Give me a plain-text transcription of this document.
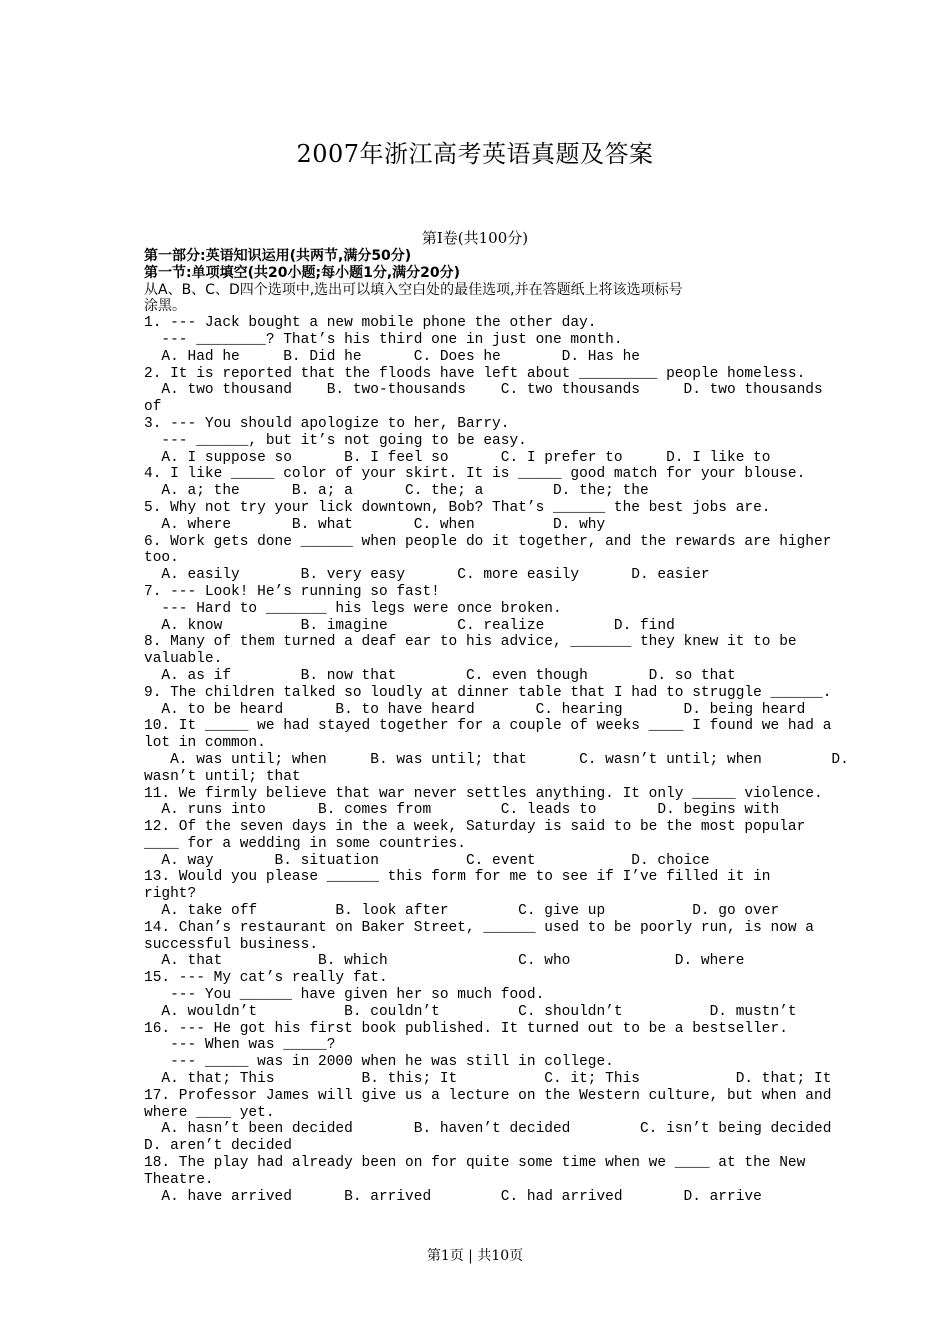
2007年浙江高考英语真题及答案
第Ⅰ卷(共100分)
第一部分:英语知识运用(共两节,满分50分)
第一节:单项填空(共20小题;每小题1分,满分20分)
从A、B、C、D四个选项中,选出可以填入空白处的最佳选项,并在答题纸上将该选项标号
涂黑。
1. --- Jack bought a new mobile phone the other day.
--- ________? That’s his third one in just one month.
A. Had he     B. Did he      C. Does he       D. Has he
2. It is reported that the floods have left about _________ people homeless.
A. two thousand    B. two-thousands    C. two thousands     D. two thousands
of
3. --- You should apologize to her, Barry.
--- ______, but it’s not going to be easy.
A. I suppose so      B. I feel so      C. I prefer to     D. I like to
4. I like _____ color of your skirt. It is _____ good match for your blouse.
A. a; the      B. a; a      C. the; a        D. the; the
5. Why not try your lick downtown, Bob? That’s ______ the best jobs are.
A. where       B. what       C. when         D. why
6. Work gets done ______ when people do it together, and the rewards are higher
too.
A. easily       B. very easy      C. more easily      D. easier
7. --- Look! He’s running so fast!
--- Hard to _______ his legs were once broken.
A. know         B. imagine        C. realize        D. find
8. Many of them turned a deaf ear to his advice, _______ they knew it to be
valuable.
A. as if        B. now that        C. even though       D. so that
9. The children talked so loudly at dinner table that I had to struggle ______.
A. to be heard      B. to have heard       C. hearing       D. being heard
10. It _____ we had stayed together for a couple of weeks ____ I found we had a
lot in common.
A. was until; when     B. was until; that      C. wasn’t until; when        D.
wasn’t until; that
11. We firmly believe that war never settles anything. It only _____ violence.
A. runs into      B. comes from        C. leads to       D. begins with
12. Of the seven days in the a week, Saturday is said to be the most popular
____ for a wedding in some countries.
A. way       B. situation          C. event           D. choice
13. Would you please ______ this form for me to see if I’ve filled it in
right?
A. take off         B. look after        C. give up          D. go over
14. Chan’s restaurant on Baker Street, ______ used to be poorly run, is now a
successful business.
A. that           B. which               C. who            D. where
15. --- My cat’s really fat.
--- You ______ have given her so much food.
A. wouldn’t          B. couldn’t         C. shouldn’t          D. mustn’t
16. --- He got his first book published. It turned out to be a bestseller.
--- When was _____?
--- _____ was in 2000 when he was still in college.
A. that; This          B. this; It          C. it; This           D. that; It
17. Professor James will give us a lecture on the Western culture, but when and
where ____ yet.
A. hasn’t been decided       B. haven’t decided        C. isn’t being decided
D. aren’t decided
18. The play had already been on for quite some time when we ____ at the New
Theatre.
A. have arrived      B. arrived        C. had arrived       D. arrive
第1页 | 共10页
